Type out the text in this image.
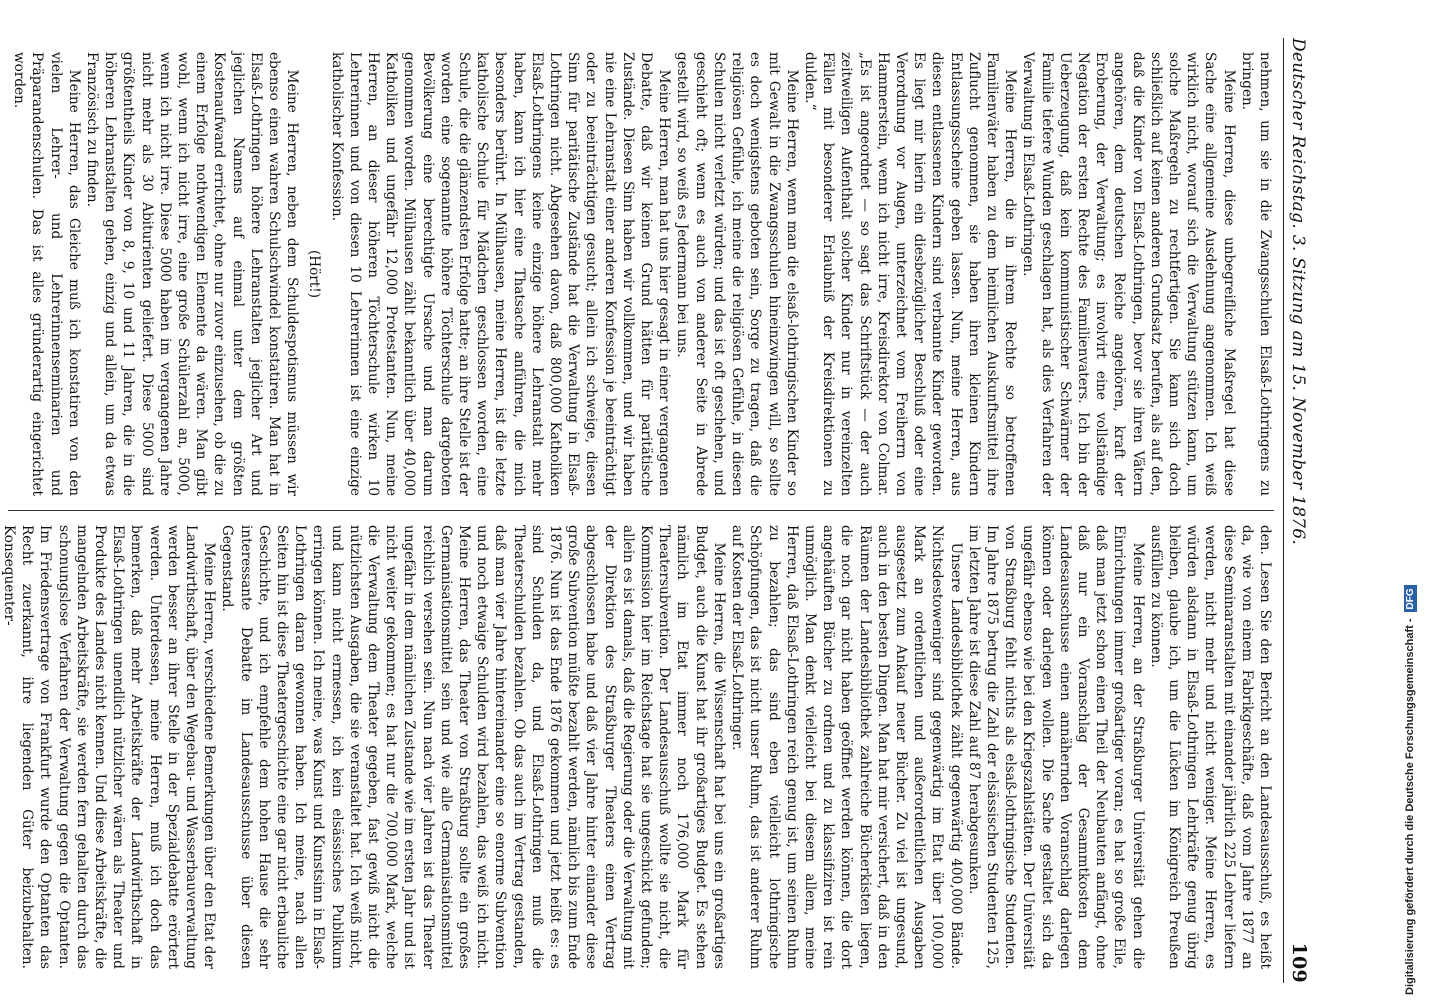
Deutscher Reichstag. 3. Sitzung am 15. November 1876.
109

nehmen, um sie in die Zwangsschulen Elsaß-Lothringens zu bringen.

Meine Herren, diese unbegreifliche Maßregel hat diese Sache eine allgemeine Ausdehnung angenommen. Ich weiß wirklich nicht, worauf sich die Verwaltung stützen kann, um solche Maßregeln zu rechtfertigen. Sie kann sich doch schließlich auf keinen anderen Grundsatz berufen, als auf den, daß die Kinder von Elsaß-Lothringen, bevor sie ihren Vätern angehören, dem deutschen Reiche angehören, kraft der Eroberung, der Verwaltung; es involvirt eine vollständige Negation der ersten Rechte des Familienvaters. Ich bin der Ueberzeugung, daß kein kommunistischer Schwärmer der Familie tiefere Wunden geschlagen hat, als dies Verfahren der Verwaltung in Elsaß-Lothringen.

Meine Herren, die in ihrem Rechte so betroffenen Familienväter haben zu dem heimlichen Auskunftsmittel ihre Zuflucht genommen, sie haben ihren kleinen Kindern Entlassungsscheine geben lassen. Nun, meine Herren, aus diesen entlassenen Kindern sind verbannte Kinder geworden. Es liegt mir hierin ein diesbezüglicher Beschluß oder eine Verordnung vor Augen, unterzeichnet vom Freiherrn von Hammerstein, wenn ich nicht irre, Kreisdirektor von Colmar. „Es ist angeordnet — so sagt das Schriftstück — der auch zeitweiligen Aufenthalt solcher Kinder nur in vereinzelten Fällen mit besonderer Erlaubniß der Kreisdirektionen zu dulden.“

Meine Herren, wenn man die elsaß-lothringischen Kinder so mit Gewalt in die Zwangsschulen hineinzwingen will, so sollte es doch wenigstens geboten sein, Sorge zu tragen, daß die religiösen Gefühle, ich meine die religiösen Gefühle, in diesen Schulen nicht verletzt würden; und das ist oft geschehen, und geschieht oft; wenn es auch von anderer Seite in Abrede gestellt wird, so weiß es Jedermann bei uns.

Meine Herren, man hat uns hier gesagt in einer vergangenen Debatte, daß wir keinen Grund hätten für paritätische Zustände. Diesen Sinn haben wir vollkommen, und wir haben nie eine Lehranstalt einer anderen Konfession je beeinträchtigt oder zu beeinträchtigen gesucht; allein ich schweige, diesen Sinn für paritätische Zustände hat die Verwaltung in Elsaß-Lothringen nicht. Abgesehen davon, daß 800,000 Katholiken Elsaß-Lothringens keine einzige höhere Lehranstalt mehr haben, kann ich hier eine Thatsache anführen, die mich besonders berührt. In Mülhausen, meine Herren, ist die letzte katholische Schule für Mädchen geschlossen worden, eine Schule, die die glänzendsten Erfolge hatte; an ihre Stelle ist der worden eine sogenannte höhere Töchterschule dargeboten Bevölkerung eine berechtigte Ursache und man darum genommen worden. Mülhausen zählt bekanntlich über 40,000 Katholiken und ungefähr 12,000 Protestanten. Nun, meine Herren, an dieser höheren Töchterschule wirken 10 Lehrerinnen und von diesen 10 Lehrerinnen ist eine einzige katholischer Konfession.

(Hört!)

Meine Herren, neben dem Schuldespotismus müssen wir ebenso einen wahren Schulschwindel konstatiren. Man hat in Elsaß-Lothringen höhere Lehranstalten jeglicher Art und jeglichen Namens auf einmal unter dem größten Kostenaufwand errichtet, ohne nur zuvor einzusehen, ob die zu einem Erfolge nothwendigen Elemente da wären. Man gibt wohl, wenn ich nicht irre, eine große Schülerzahl an, 5000, wenn ich nicht irre. Diese 5000 haben im vergangenen Jahre nicht mehr als 30 Abiturienten geliefert. Diese 5000 sind größtentheils Kinder von 8, 9, 10 und 11 Jahren, die in die höheren Lehranstalten gehen, einzig und allein, um da etwas Französisch zu finden.

Meine Herren, das Gleiche muß ich konstatiren von den vielen Lehrer- und Lehrerinnenseminarien und Präparandenschulen. Das ist alles gründerartig eingerichtet worden.

den. Lesen Sie den Bericht an den Landesausschuß, es heißt da, wie von einem Fabrikgeschäfte, daß vom Jahre 1877 an diese Seminaranstalten mit einander jährlich 225 Lehrer liefern werden, nicht mehr und nicht weniger. Meine Herren, es würden alsdann in Elsaß-Lothringen Lehrkräfte genug übrig bleiben, glaube ich, um die Lücken im Königreich Preußen ausfüllen zu können.

Meine Herren, an der Straßburger Universität gehen die Einrichtungen immer großartiger voran; es hat so große Eile, daß man jetzt schon einen Theil der Neubauten anfängt, ohne daß nur ein Voranschlag der Gesammtkosten dem Landesausschusse einen annähernden Voranschlag darlegen können oder darlegen wollen. Die Sache gestaltet sich da ungefähr ebenso wie bei den Kriegszahlstätten. Der Universität von Straßburg fehlt nichts als elsaß-lothringische Studenten. Im Jahre 1875 betrug die Zahl der elsässischen Studenten 125, im letzten Jahre ist diese Zahl auf 87 herabgesunken.

Unsere Landesbibliothek zählt gegenwärtig 400,000 Bände. Nichtsdestoweniger sind gegenwärtig im Etat über 100,000 Mark an ordentlichen und außerordentlichen Ausgaben ausgesetzt zum Ankauf neuer Bücher. Zu viel ist ungesund, auch in den besten Dingen. Man hat mir versichert, daß in den Räumen der Landesbibliothek zahlreiche Bücherkisten liegen, die noch gar nicht haben geöffnet werden können, die dort angehäuften Bücher zu ordnen und zu klassifiziren ist rein unmöglich. Man denkt vielleicht bei diesem allem, meine Herren, daß Elsaß-Lothringen reich genug ist, um seinen Ruhm zu bezahlen; das sind eben vielleicht lothringische Schöpfungen, das ist nicht unser Ruhm, das ist anderer Ruhm auf Kosten der Elsaß-Lothringer.

Meine Herren, die Wissenschaft hat bei uns ein großartiges Budget, auch die Kunst hat ihr großartiges Budget. Es stehen nämlich im Etat immer noch 176,000 Mark für Theatersubvention. Der Landesausschuß wollte sie nicht, die Kommission hier im Reichstage hat sie ungeschickt gefunden; allein es ist damals, daß die Regierung oder die Verwaltung mit der Direktion des Straßburger Theaters einen Vertrag abgeschlossen habe und daß vier Jahre hinter einander diese große Subvention müßte bezahlt werden, nämlich bis zum Ende 1876. Nun ist das Ende 1876 gekommen und jetzt heißt es: es sind Schulden da, und Elsaß-Lothringen muß die Theaterschulden bezahlen. Ob das auch im Vertrag gestanden, daß man vier Jahre hintereinander eine so enorme Subvention und noch etwaige Schulden wird bezahlen, das weiß ich nicht. Meine Herren, das Theater von Straßburg sollte ein großes Germanisationsmittel sein und wie alle Germanisationsmittel reichlich versehen sein. Nun nach vier Jahren ist das Theater ungefähr in dem nämlichen Zustande wie im ersten Jahr und ist nicht weiter gekommen; es hat nur die 700,000 Mark, welche die Verwaltung dem Theater gegeben, fast gewiß nicht die nützlichsten Ausgaben, die sie veranstaltet hat. Ich weiß nicht, und kann nicht ermessen, ich kein elsässisches Publikum erringen können. Ich meine, was Kunst und Kunstsinn in Elsaß-Lothringen daran gewonnen haben. Ich meine, nach allen Seiten hin ist diese Theatergeschichte eine gar nicht erbauliche Geschichte, und ich empfehle dem hohen Hause die sehr interessante Debatte im Landesausschusse über diesen Gegenstand.

Meine Herren, verschiedene Bemerkungen über den Etat der Landwirthschaft, über den Wegebau- und Wasserbauverwaltung werden besser an ihrer Stelle in der Spezialdebatte erörtert werden. Unterdessen, meine Herren, muß ich doch das bemerken, daß mehr Arbeitskräfte der Landwirthschaft in Elsaß-Lothringen unendlich nützlicher wären als Theater und Produkte des Landes nicht kennen. Und diese Arbeitskräfte, die mangelnden Arbeitskräfte, sie werden fern gehalten durch das schonungslose Verfahren der Verwaltung gegen die Optanten. Im Friedensvertrage von Frankfurt wurde den Optanten das Recht zuerkannt, ihre liegenden Güter beizubehalten. Konsequenter-

Digitalisierung gefördert durch die Deutsche Forschungsgemeinschaft -
DFG
